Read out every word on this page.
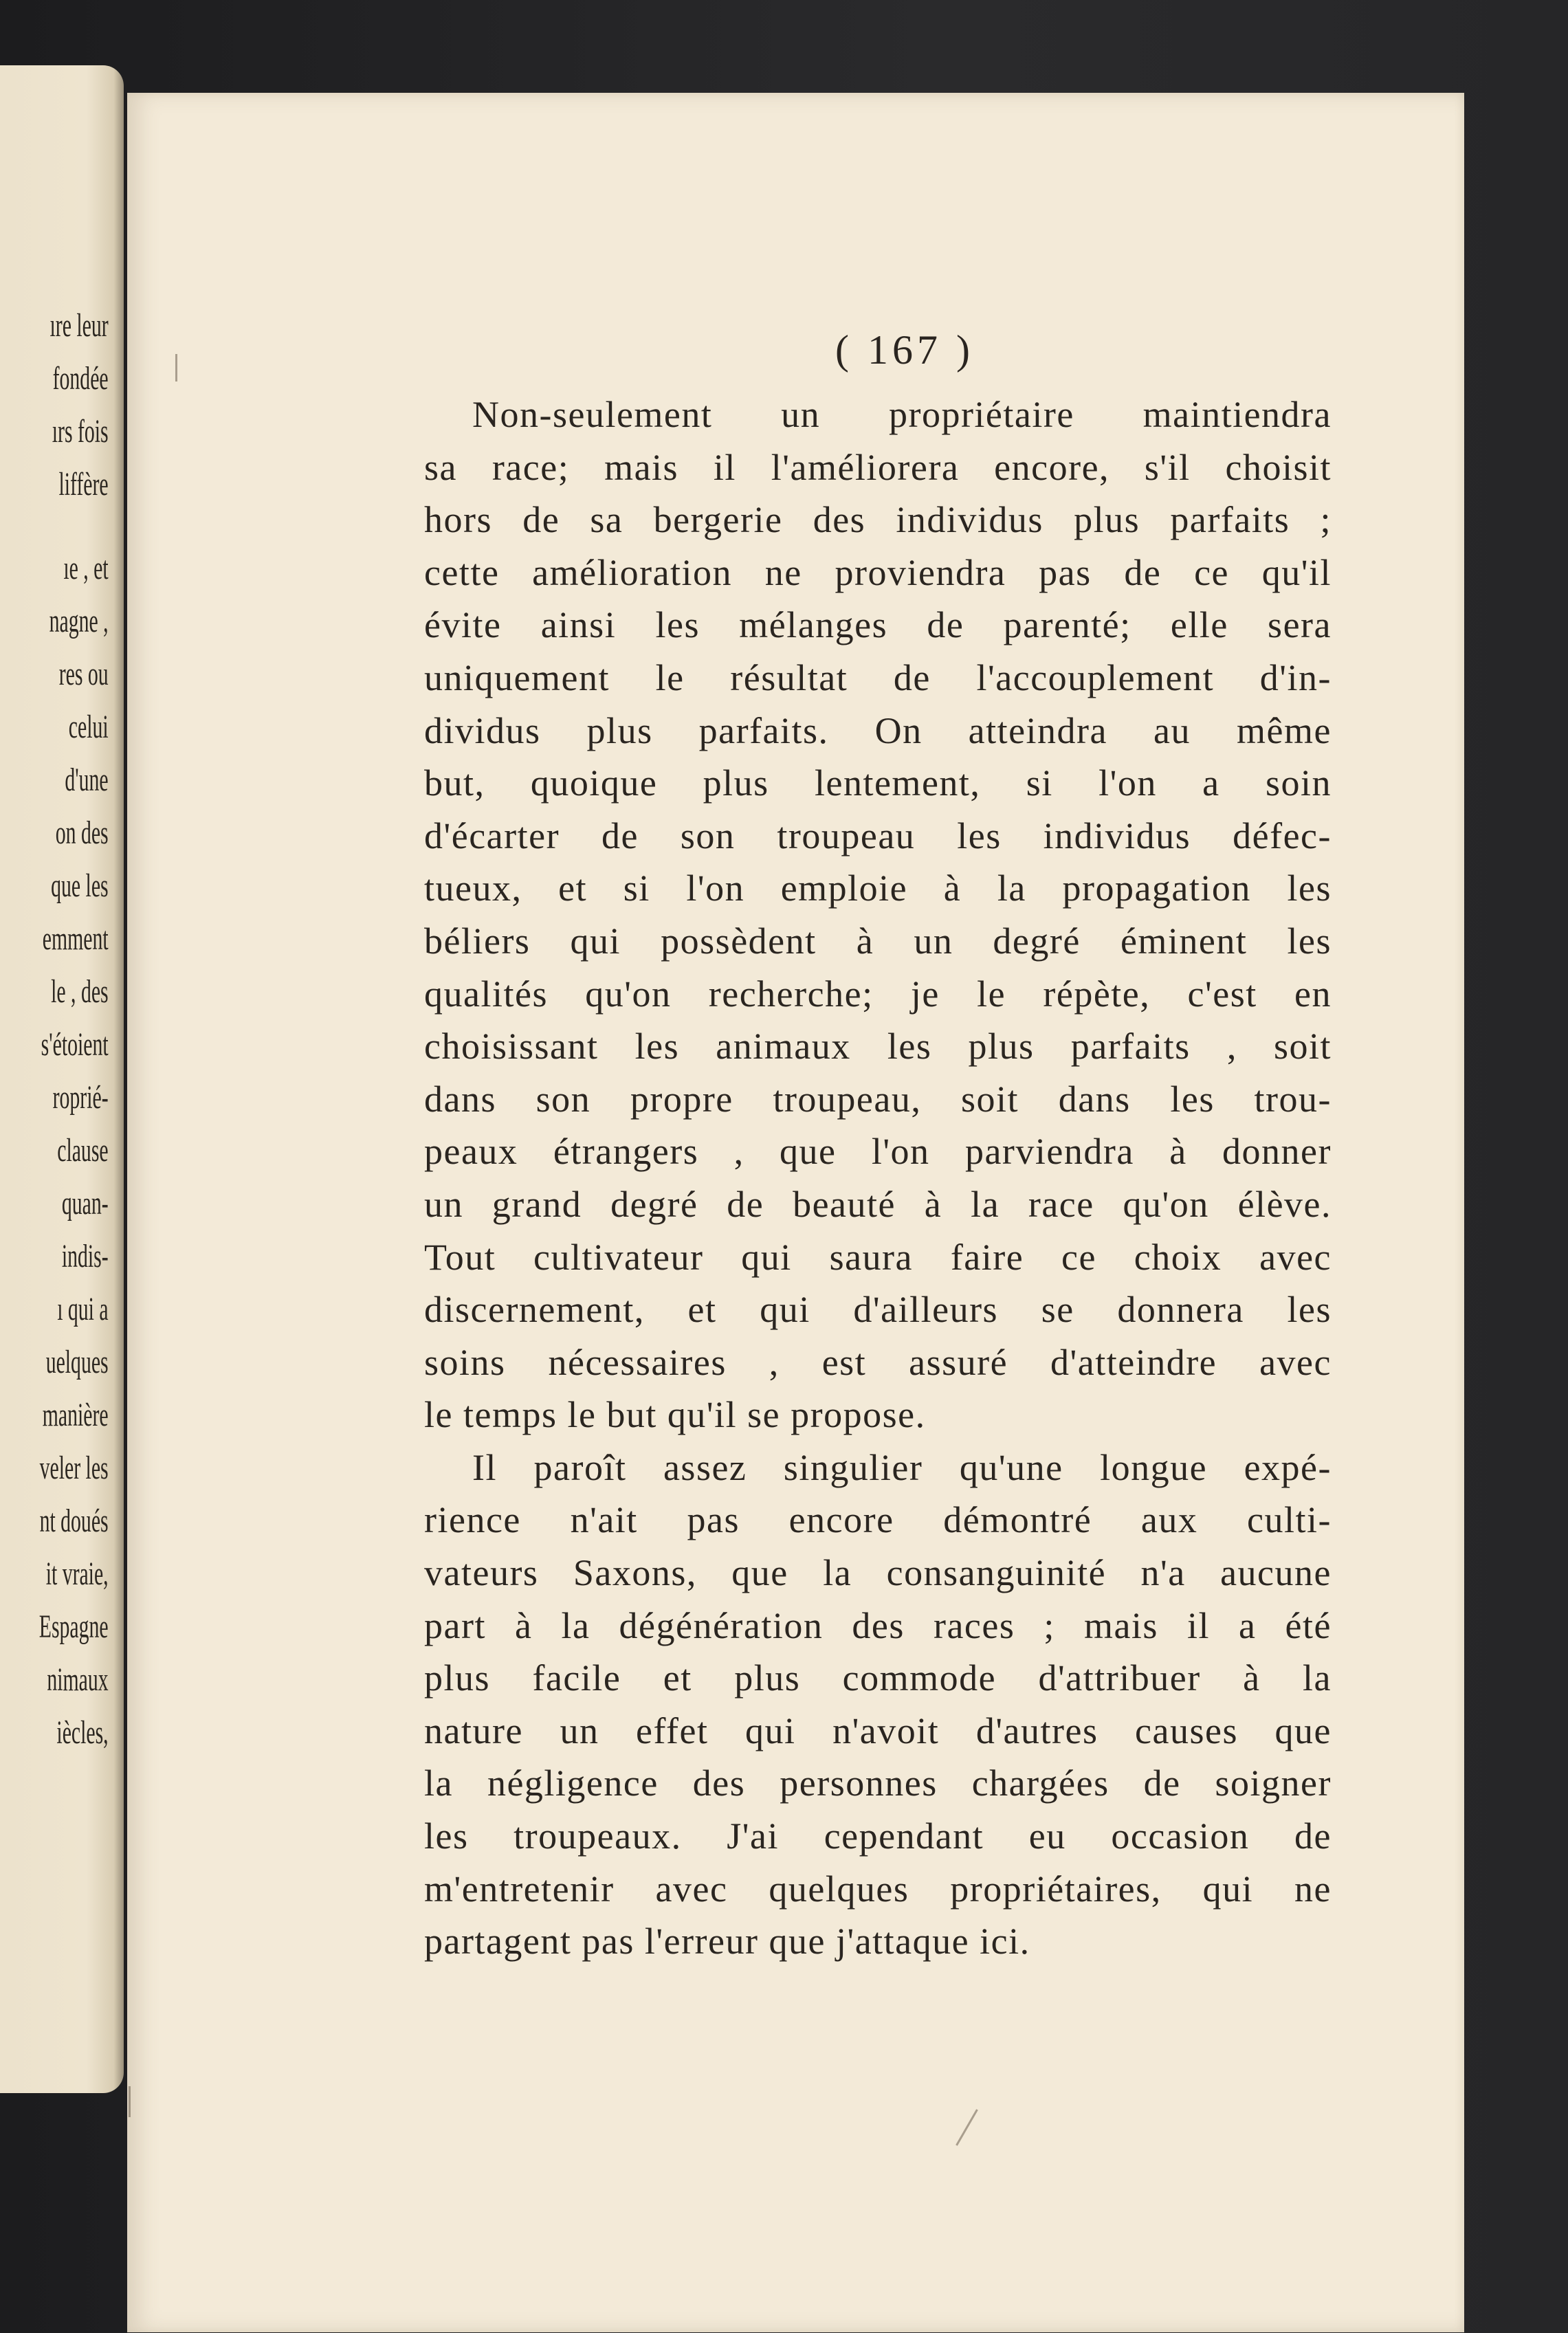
ıre leur
fondée
ırs fois
liffère
ıe , et
nagne ,
res ou
celui
d'une
on des
que les
emment
le , des
s'étoient
roprié-
clause
quan-
indis-
ı qui a
uelques
manière
veler les
nt doués
it vraie,
Espagne
nimaux
iècles,
( 167 )
Non-seulement un propriétaire maintiendra
sa race; mais il l'améliorera encore, s'il choisit
hors de sa bergerie des individus plus parfaits ;
cette amélioration ne proviendra pas de ce qu'il
évite ainsi les mélanges de parenté; elle sera
uniquement le résultat de l'accouplement d'in-
dividus plus parfaits. On atteindra au même
but, quoique plus lentement, si l'on a soin
d'écarter de son troupeau les individus défec-
tueux, et si l'on emploie à la propagation les
béliers qui possèdent à un degré éminent les
qualités qu'on recherche; je le répète, c'est en
choisissant les animaux les plus parfaits , soit
dans son propre troupeau, soit dans les trou-
peaux étrangers , que l'on parviendra à donner
un grand degré de beauté à la race qu'on élève.
Tout cultivateur qui saura faire ce choix avec
discernement, et qui d'ailleurs se donnera les
soins nécessaires , est assuré d'atteindre avec
le temps le but qu'il se propose.
Il paroît assez singulier qu'une longue expé-
rience n'ait pas encore démontré aux culti-
vateurs Saxons, que la consanguinité n'a aucune
part à la dégénération des races ; mais il a été
plus facile et plus commode d'attribuer à la
nature un effet qui n'avoit d'autres causes que
la négligence des personnes chargées de soigner
les troupeaux. J'ai cependant eu occasion de
m'entretenir avec quelques propriétaires, qui ne
partagent pas l'erreur que j'attaque ici.
